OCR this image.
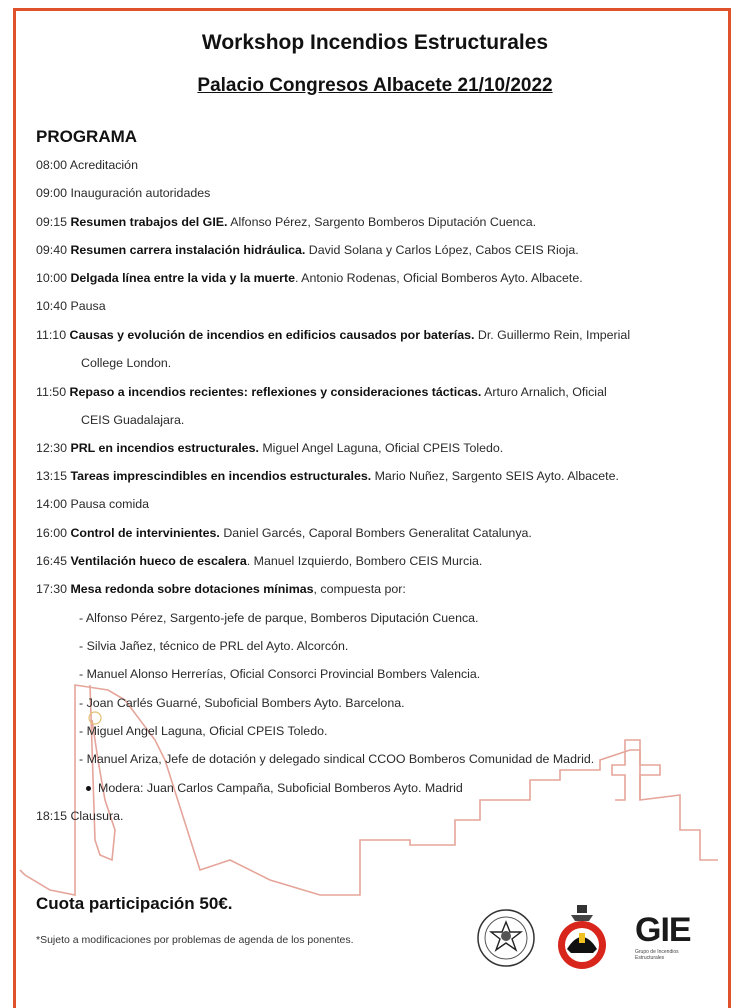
Workshop Incendios Estructurales
Palacio Congresos Albacete 21/10/2022
PROGRAMA
08:00 Acreditación
09:00 Inauguración autoridades
09:15 Resumen trabajos del GIE. Alfonso Pérez, Sargento Bomberos Diputación Cuenca.
09:40 Resumen carrera instalación hidráulica. David Solana y Carlos López, Cabos CEIS Rioja.
10:00 Delgada línea entre la vida y la muerte. Antonio Rodenas, Oficial Bomberos Ayto. Albacete.
10:40 Pausa
11:10 Causas y evolución de incendios en edificios causados por baterías. Dr. Guillermo Rein, Imperial
College London.
11:50 Repaso a incendios recientes: reflexiones y consideraciones tácticas. Arturo Arnalich, Oficial
CEIS Guadalajara.
12:30 PRL en incendios estructurales. Miguel Angel Laguna, Oficial CPEIS Toledo.
13:15 Tareas imprescindibles en incendios estructurales. Mario Nuñez, Sargento SEIS Ayto. Albacete.
14:00 Pausa comida
16:00 Control de intervinientes. Daniel Garcés, Caporal Bombers Generalitat Catalunya.
16:45 Ventilación hueco de escalera. Manuel Izquierdo, Bombero CEIS Murcia.
17:30 Mesa redonda sobre dotaciones mínimas, compuesta por:
- Alfonso Pérez, Sargento-jefe de parque, Bomberos Diputación Cuenca.
- Silvia Jañez, técnico de PRL del Ayto. Alcorcón.
- Manuel Alonso Herrerías, Oficial Consorci Provincial Bombers Valencia.
- Joan Carlés Guarné, Suboficial Bombers Ayto. Barcelona.
- Miguel Angel Laguna, Oficial CPEIS Toledo.
- Manuel Ariza, Jefe de dotación y delegado sindical CCOO Bomberos Comunidad de Madrid.
Modera: Juan Carlos Campaña, Suboficial Bomberos Ayto. Madrid
18:15 Clausura.
Cuota participación 50€.
*Sujeto a modificaciones por problemas de agenda de los ponentes.	GIE
Grupo de Incendios
Estructurales
